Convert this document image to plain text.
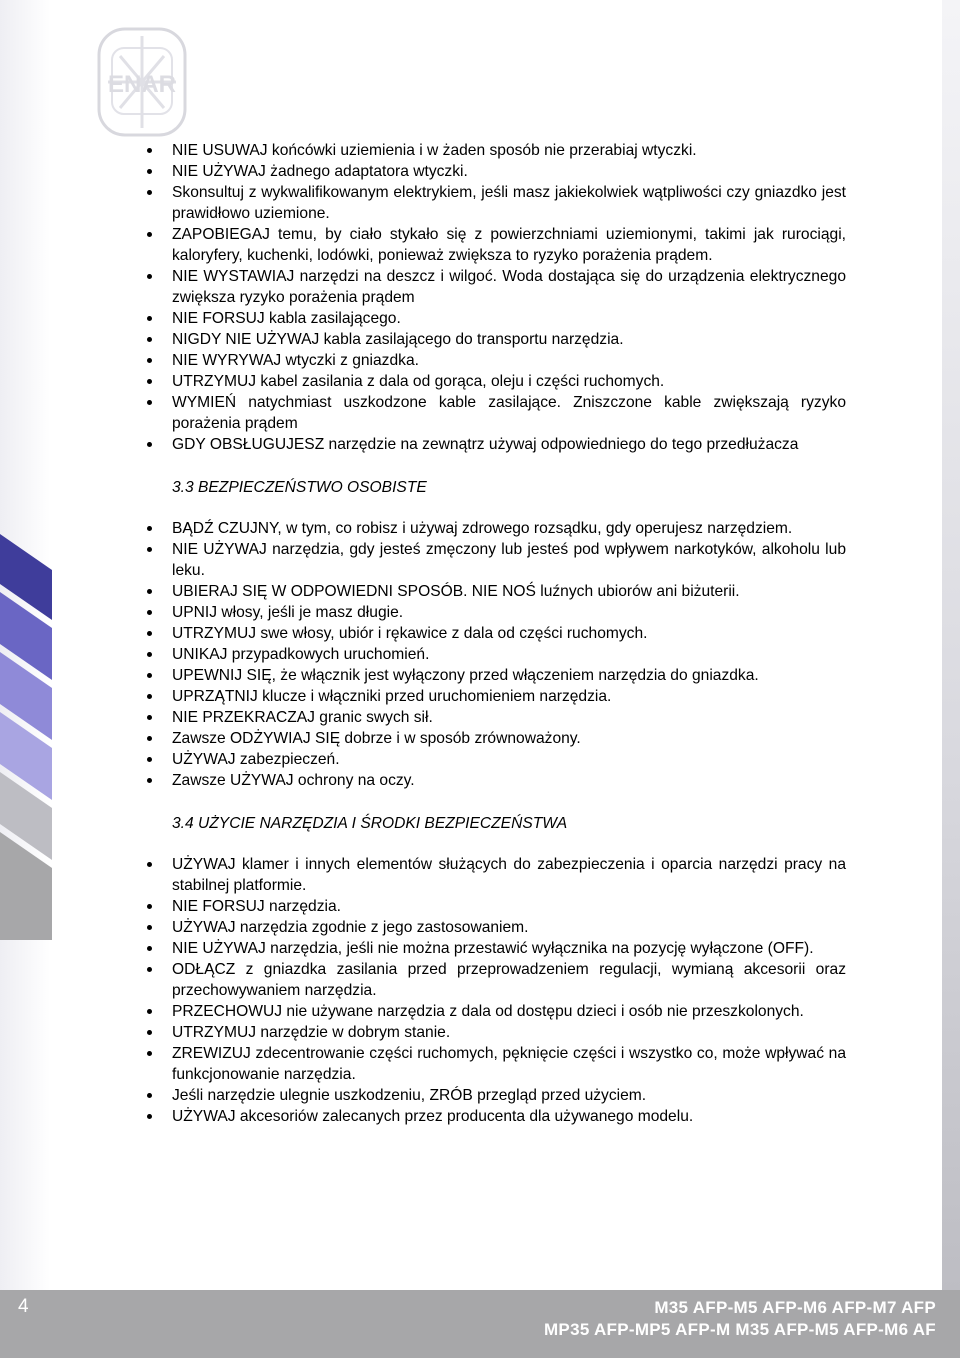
ENAR
NIE USUWAJ końcówki uziemienia i w żaden sposób nie przerabiaj wtyczki.
NIE UŻYWAJ żadnego adaptatora wtyczki.
Skonsultuj z wykwalifikowanym elektrykiem, jeśli masz jakiekolwiek wątpliwości czy gniazdko jest prawidłowo uziemione.
ZAPOBIEGAJ temu, by ciało stykało się z powierzchniami uziemionymi, takimi jak rurociągi, kaloryfery, kuchenki, lodówki, ponieważ zwiększa to ryzyko porażenia prądem.
NIE WYSTAWIAJ narzędzi na deszcz i wilgoć. Woda dostająca się do urządzenia elektrycznego zwiększa ryzyko porażenia prądem
NIE FORSUJ kabla zasilającego.
NIGDY NIE UŻYWAJ kabla zasilającego do transportu narzędzia.
NIE WYRYWAJ wtyczki z gniazdka.
UTRZYMUJ kabel zasilania z dala od gorąca, oleju i części ruchomych.
WYMIEŃ natychmiast uszkodzone kable zasilające. Zniszczone kable zwiększają ryzyko porażenia prądem
GDY OBSŁUGUJESZ narzędzie na zewnątrz używaj odpowiedniego do tego przedłużacza
3.3 BEZPIECZEŃSTWO OSOBISTE
BĄDŹ CZUJNY, w tym, co robisz i używaj zdrowego rozsądku, gdy operujesz narzędziem.
NIE UŻYWAJ narzędzia, gdy jesteś zmęczony lub jesteś pod wpływem narkotyków, alkoholu lub leku.
UBIERAJ SIĘ W ODPOWIEDNI SPOSÓB. NIE NOŚ luźnych ubiorów ani biżuterii.
UPNIJ włosy, jeśli je masz długie.
UTRZYMUJ swe włosy, ubiór i rękawice z dala od części ruchomych.
UNIKAJ przypadkowych uruchomień.
UPEWNIJ SIĘ, że włącznik jest wyłączony przed włączeniem narzędzia do gniazdka.
UPRZĄTNIJ klucze i włączniki przed uruchomieniem narzędzia.
NIE PRZEKRACZAJ granic swych sił.
Zawsze ODŻYWIAJ SIĘ dobrze i w sposób zrównoważony.
UŻYWAJ zabezpieczeń.
Zawsze UŻYWAJ ochrony na oczy.
3.4 UŻYCIE NARZĘDZIA I ŚRODKI BEZPIECZEŃSTWA
UŻYWAJ klamer i innych elementów służących do zabezpieczenia i oparcia narzędzi pracy na stabilnej platformie.
NIE FORSUJ narzędzia.
UŻYWAJ narzędzia zgodnie z jego zastosowaniem.
NIE UŻYWAJ narzędzia, jeśli nie można przestawić wyłącznika na pozycję wyłączone (OFF).
ODŁĄCZ z gniazdka zasilania przed przeprowadzeniem regulacji, wymianą akcesorii oraz przechowywaniem narzędzia.
PRZECHOWUJ nie używane narzędzia z dala od dostępu dzieci i osób nie przeszkolonych.
UTRZYMUJ narzędzie w dobrym stanie.
ZREWIZUJ zdecentrowanie części ruchomych, pęknięcie części i wszystko co, może wpływać na funkcjonowanie narzędzia.
Jeśli narzędzie ulegnie uszkodzeniu, ZRÓB przegląd przed użyciem.
UŻYWAJ akcesoriów zalecanych przez producenta dla używanego modelu.
4	M35 AFP-M5 AFP-M6 AFP-M7 AFP
MP35 AFP-MP5 AFP-M M35 AFP-M5 AFP-M6 AF
